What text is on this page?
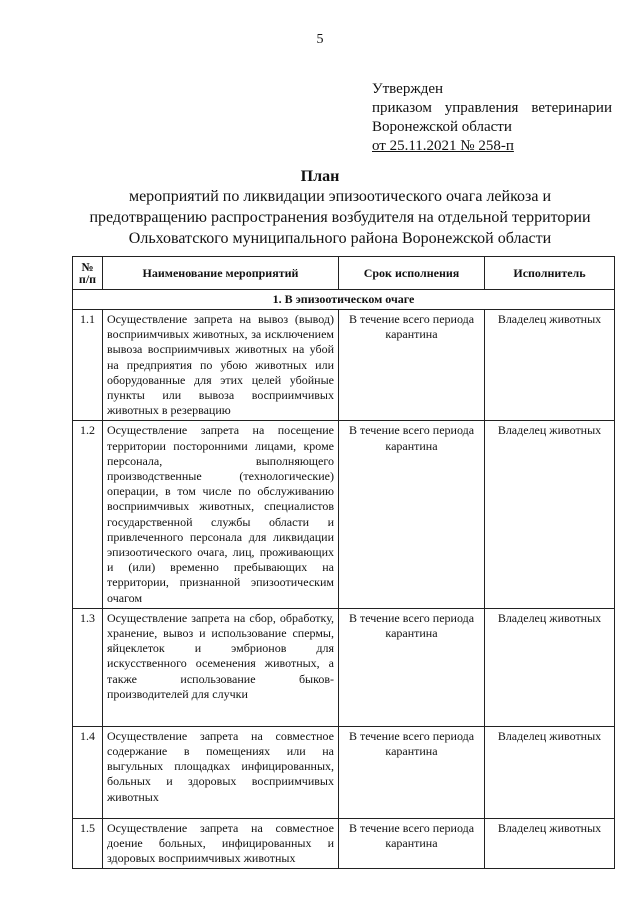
5
Утвержден
приказом управления ветеринарии
Воронежской области
от 25.11.2021 № 258-п
План
мероприятий по ликвидации эпизоотического очага лейкоза и предотвращению распространения возбудителя на отдельной территории Ольховатского муниципального района Воронежской области
№ п/п	Наименование мероприятий	Срок исполнения	Исполнитель
1. В эпизоотическом очаге			
1.1	Осуществление запрета на вывоз (вывод) восприимчивых животных, за исключением вывоза восприимчивых животных на убой на предприятия по убою животных или оборудованные для этих целей убойные пункты или вывоза восприимчивых животных в резервацию	В течение всего периода карантина	Владелец животных
1.2	Осуществление запрета на посещение территории посторонними лицами, кроме персонала, выполняющего производственные (технологические) операции, в том числе по обслуживанию восприимчивых животных, специалистов государственной службы области и привлеченного персонала для ликвидации эпизоотического очага, лиц, проживающих и (или) временно пребывающих на территории, признанной эпизоотическим очагом	В течение всего периода карантина	Владелец животных
1.3	Осуществление запрета на сбор, обработку, хранение, вывоз и использование спермы, яйцеклеток и эмбрионов для искусственного осеменения животных, а также использование быков-производителей для случки	В течение всего периода карантина	Владелец животных
1.4	Осуществление запрета на совместное содержание в помещениях или на выгульных площадках инфицированных, больных и здоровых восприимчивых животных	В течение всего периода карантина	Владелец животных
1.5	Осуществление запрета на совместное доение больных, инфицированных и здоровых восприимчивых животных	В течение всего периода карантина	Владелец животных
